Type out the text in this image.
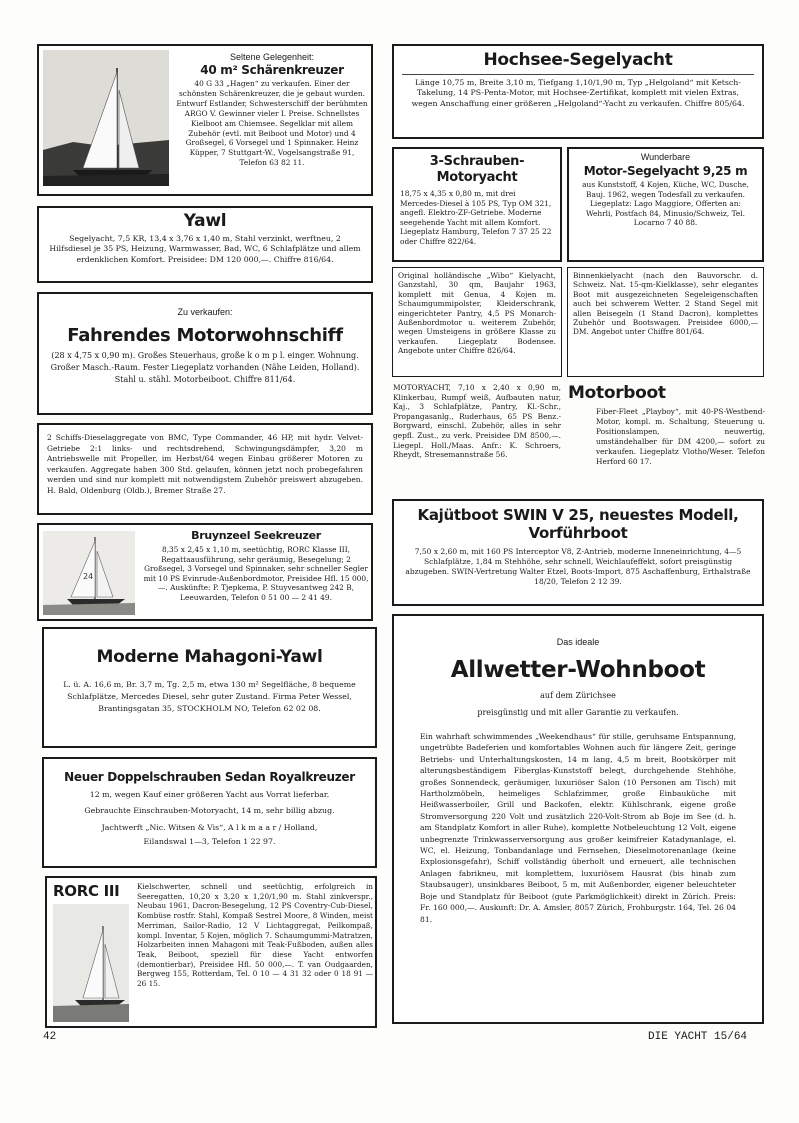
Seltene Gelegenheit:
40 m² Schärenkreuzer

40 G 33 „Hagen“ zu verkaufen. Einer der schönsten Schärenkreuzer, die je gebaut wurden. Entwurf Estlander, Schwesterschiff der berühmten ARGO V. Gewinner vieler I. Preise. Schnellstes Kielboot am Chiemsee. Segelklar mit allem Zubehör (evtl. mit Beiboot und Motor) und 4 Großsegel, 6 Vorsegel und 1 Spinnaker. Heinz Küpper, 7 Stuttgart-W., Vogelsangstraße 91, Telefon 63 82 11.

Hochsee-Segelyacht

Länge 10,75 m, Breite 3,10 m, Tiefgang 1,10/1,90 m, Typ „Helgoland“ mit Ketsch-Takelung, 14 PS-Penta-Motor, mit Hochsee-Zertifikat, komplett mit vielen Extras, wegen Anschaffung einer größeren „Helgoland“-Yacht zu verkaufen. Chiffre 805/64.

Yawl

Segelyacht, 7,5 KR, 13,4 x 3,76 x 1,40 m, Stahl verzinkt, werftneu, 2 Hilfsdiesel je 35 PS, Heizung, Warmwasser, Bad, WC, 6 Schlafplätze und allem erdenklichen Komfort. Preisidee: DM 120 000,—. Chiffre 816/64.

3-Schrauben-Motoryacht

18,75 x 4,35 x 0,80 m, mit drei Mercedes-Diesel à 105 PS, Typ OM 321, angefl. Elektro-ZF-Getriebe. Moderne seegehende Yacht mit allem Komfort. Liegeplatz Hamburg, Telefon 7 37 25 22 oder Chiffre 822/64.

Wunderbare
Motor-Segelyacht 9,25 m

aus Kunststoff, 4 Kojen, Küche, WC, Dusche, Bauj. 1962, wegen Todesfall zu verkaufen. Liegeplatz: Lago Maggiore, Offerten an: Wehrli, Postfach 84, Minusio/Schweiz, Tel. Locarno 7 40 88.

Original holländische „Wibo“ Kielyacht, Ganzstahl, 30 qm, Baujahr 1963, komplett mit Genua, 4 Kojen m. Schaumgummipolster, Kleiderschrank, eingerichteter Pantry, 4,5 PS Monarch-Außenbordmotor u. weiterem Zubehör, wegen Umsteigens in größere Klasse zu verkaufen. Liegeplatz Bodensee. Angebote unter Chiffre 826/64.

Binnenkielyacht (nach den Bauvorschr. d. Schweiz. Nat. 15-qm-Kielklasse), sehr elegantes Boot mit ausgezeichneten Segeleigenschaften auch bei schwerem Wetter. 2 Stand Segel mit allen Beisegeln (1 Stand Dacron), komplettes Zubehör und Bootswagen. Preisidee 6000,— DM. Angebot unter Chiffre 801/64.

Zu verkaufen:
Fahrendes Motorwohnschiff

(28 x 4,75 x 0,90 m). Großes Steuerhaus, große k o m p l. einger. Wohnung. Großer Masch.-Raum. Fester Liegeplatz vorhanden (Nähe Leiden, Holland). Stahl u. stähl. Motorbeiboot. Chiffre 811/64.

MOTORYACHT, 7,10 x 2,40 x 0,90 m, Klinkerbau, Rumpf weiß, Aufbauten natur, Kaj., 3 Schlafplätze, Pantry, Kl.-Schr., Propangasanlg., Ruderhaus, 65 PS Benz.-Borgward, einschl. Zubehör, alles in sehr gepfl. Zust., zu verk. Preisidee DM 8500,—. Liegepl. Holl./Maas. Anfr.: K. Schroers, Rheydt, Stresemannstraße 56.

Motorboot

Fiber-Fleet „Playboy“, mit 40-PS-Westbend-Motor, kompl. m. Schaltung, Steuerung u. Positionslampen, neuwertig, umständehalber für DM 4200,— sofort zu verkaufen. Liegeplatz Vlotho/Weser. Telefon Herford 60 17.

2 Schiffs-Dieselaggregate von BMC, Type Commander, 46 HP, mit hydr. Velvet-Getriebe 2:1 links- und rechtsdrehend, Schwingungsdämpfer, 3,20 m Antriebswelle mit Propeller, im Herbst/64 wegen Einbau größerer Motoren zu verkaufen. Aggregate haben 300 Std. gelaufen, können jetzt noch probegefahren werden und sind nur komplett mit notwendigstem Zubehör preiswert abzugeben. H. Bald, Oldenburg (Oldb.), Bremer Straße 27.

Kajütboot SWIN V 25, neuestes Modell, Vorführboot

7,50 x 2,60 m, mit 160 PS Interceptor V8, Z-Antrieb, moderne Inneneinrichtung, 4—5 Schlafplätze, 1,84 m Stehhöhe, sehr schnell, Weichlaufeffekt, sofort preisgünstig abzugeben. SWIN-Vertretung Walter Etzel, Boots-Import, 875 Aschaffenburg, Erthalstraße 18/20, Telefon 2 12 39.

24
Bruynzeel Seekreuzer

8,35 x 2,45 x 1,10 m, seetüchtig, RORC Klasse III, Regattaausführung, sehr geräumig, Besegelung; 2 Großsegel, 3 Vorsegel und Spinnaker, sehr schneller Segler mit 10 PS Evinrude-Außenbordmotor, Preisidee Hfl. 15 000,—. Auskünfte: P. Tjepkema, P. Stuyvesantweg 242 B, Leeuwarden, Telefon 0 51 00 — 2 41 49.

Das ideale
Allwetter-Wohnboot
auf dem Zürichsee
preisgünstig und mit aller Garantie zu verkaufen.

Ein wahrhaft schwimmendes „Weekendhaus“ für stille, geruhsame Entspannung, ungetrübte Badeferien und komfortables Wohnen auch für längere Zeit, geringe Betriebs- und Unterhaltungskosten, 14 m lang, 4,5 m breit, Bootskörper mit alterungsbeständigem Fiberglas-Kunststoff belegt, durchgehende Stehhöhe, großes Sonnendeck, geräumiger, luxuriöser Salon (10 Personen am Tisch) mit Hartholzmöbeln, heimeliges Schlafzimmer, große Einbauküche mit Heißwasserboiler, Grill und Backofen, elektr. Kühlschrank, eigene große Stromversorgung 220 Volt und zusätzlich 220-Volt-Strom ab Boje im See (d. h. am Standplatz Komfort in aller Ruhe), komplette Notbeleuchtung 12 Volt, eigene unbegrenzte Trinkwasserversorgung aus großer keimfreier Katadynanlage, el. WC, el. Heizung, Tonbandanlage und Fernsehen, Dieselmotorenanlage (keine Explosionsgefahr), Schiff vollständig überholt und erneuert, alle technischen Anlagen fabrikneu, mit komplettem, luxuriösem Hausrat (bis hinab zum Staubsauger), unsinkbares Beiboot, 5 m, mit Außenborder, eigener beleuchteter Boje und Standplatz für Beiboot (gute Parkmöglichkeit) direkt in Zürich. Preis: Fr. 160 000,—. Auskunft: Dr. A. Amsler, 8057 Zürich, Frohburgstr. 164, Tel. 26 04 81.

Moderne Mahagoni-Yawl

L. ü. A. 16,6 m, Br. 3,7 m, Tg. 2,5 m, etwa 130 m² Segelfläche, 8 bequeme Schlafplätze, Mercedes Diesel, sehr guter Zustand. Firma Peter Wessel, Brantingsgatan 35, STOCKHOLM NO, Telefon 62 02 08.

Neuer Doppelschrauben Sedan Royalkreuzer

12 m, wegen Kauf einer größeren Yacht aus Vorrat lieferbar.

Gebrauchte Einschrauben-Motoryacht, 14 m, sehr billig abzug.

Jachtwerft „Nic. Witsen & Vis“, A l k m a a r / Holland,

Eilandswal 1—3, Telefon 1 22 97.

RORC III Kielschwerter, schnell und seetüchtig, erfolgreich in Seeregatten, 10,20 x 3,20 x 1,20/1,90 m. Stahl zinkverspr., Neubau 1961, Dacron-Besegelung, 12 PS Coventry-Cub-Diesel, Kombüse rostfr. Stahl, Kompaß Sestrel Moore, 8 Winden, meist Merriman, Sailor-Radio, 12 V Lichtaggregat, Peilkompaß, kompl. Inventar, 5 Kojen, möglich 7. Schaumgummi-Matratzen, Holzarbeiten innen Mahagoni mit Teak-Fußboden, außen alles Teak, Beiboot, speziell für diese Yacht entworfen (demontierbar), Preisidee Hfl. 50 000,—. T. van Oudgaarden, Bergweg 155, Rotterdam, Tel. 0 10 — 4 31 32 oder 0 18 91 — 26 15.

42	DIE YACHT 15/64
